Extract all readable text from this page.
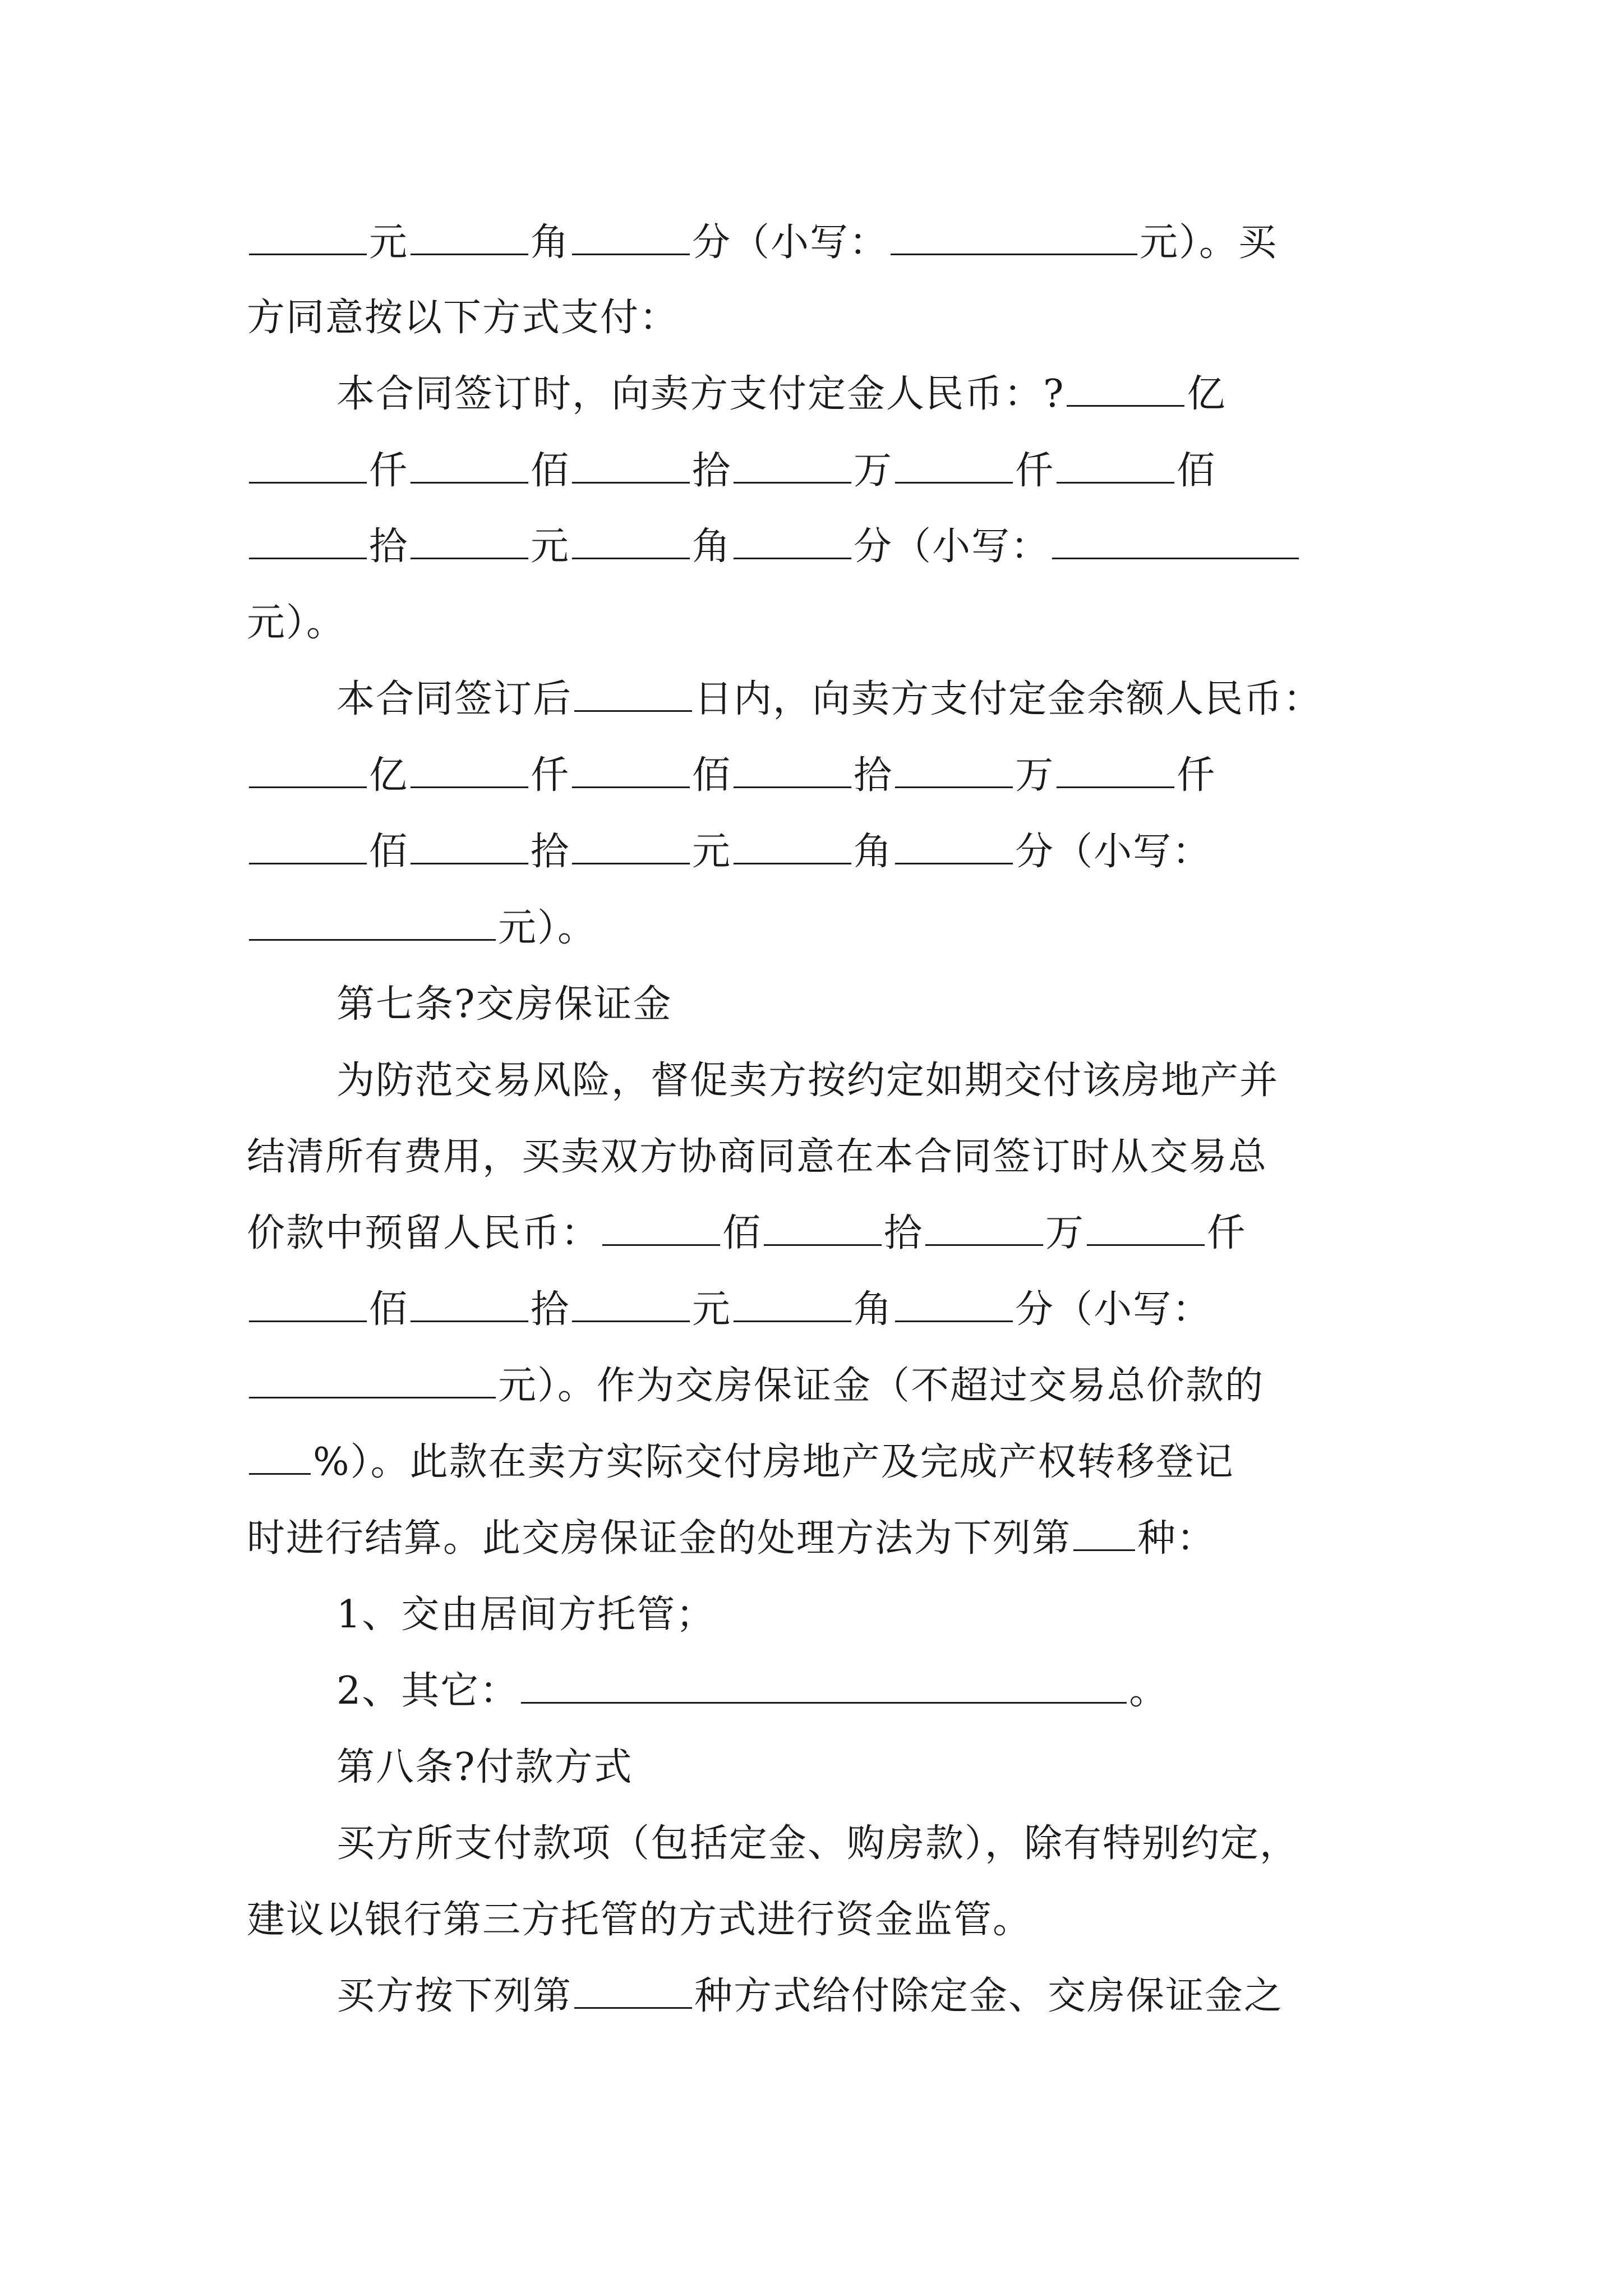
元	角	分（小写：	元）。买
方同意按以下方式支付：
本合同签订时，向卖方支付定金人民币：?	亿
仟	佰	拾	万	仟	佰
拾	元	角	分（小写：
元）。
本合同签订后	日内，向卖方支付定金余额人民币：
亿	仟	佰	拾	万	仟
佰	拾	元	角	分（小写：
元）。
第七条?交房保证金
为防范交易风险，督促卖方按约定如期交付该房地产并
结清所有费用，买卖双方协商同意在本合同签订时从交易总
价款中预留人民币：	佰	拾	万	仟
佰	拾	元	角	分（小写：
元）。作为交房保证金（不超过交易总价款的
%）。此款在卖方实际交付房地产及完成产权转移登记
时进行结算。此交房保证金的处理方法为下列第 种：
1、交由居间方托管；
2、其它：	。
第八条?付款方式
买方所支付款项（包括定金、购房款），除有特别约定，
建议以银行第三方托管的方式进行资金监管。
买方按下列第	种方式给付除定金、交房保证金之
